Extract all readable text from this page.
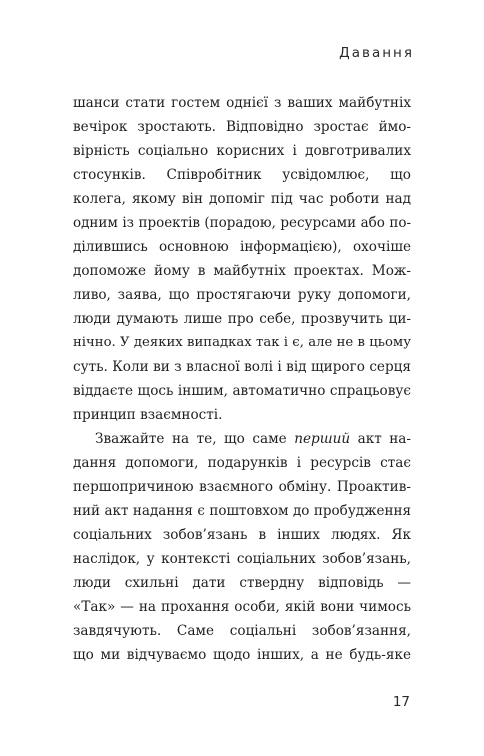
Давання
шанси стати гостем однієї з ваших майбутніх
вечірок зростають. Відповідно зростає ймо-
вірність соціально корисних і довготривалих
стосунків. Співробітник усвідомлює, що
колега, якому він допоміг під час роботи над
одним із проектів (порадою, ресурсами або по-
ділившись основною інформацією), охочіше
допоможе йому в майбутніх проектах. Мож-
ливо, заява, що простягаючи руку допомоги,
люди думають лише про себе, прозвучить ци-
нічно. У деяких випадках так і є, але не в цьому
суть. Коли ви з власної волі і від щирого серця
віддаєте щось іншим, автоматично спрацьовує
принцип взаємності.
Зважайте на те, що саме перший акт на-
дання допомоги, подарунків і ресурсів стає
першопричиною взаємного обміну. Проактив-
ний акт надання є поштовхом до пробудження
соціальних зобов’язань в інших людях. Як
наслідок, у контексті соціальних зобов’язань,
люди схильні дати ствердну відповідь —
«Так» — на прохання особи, якій вони чимось
завдячують. Саме соціальні зобов’язання,
що ми відчуваємо щодо інших, а не будь-яке
17
